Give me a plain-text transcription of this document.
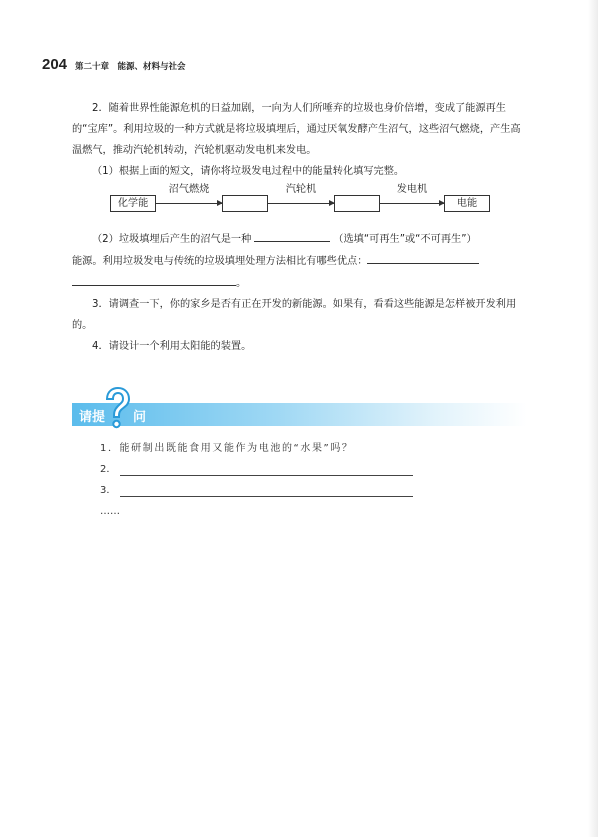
204 第二十章　能源、材料与社会

2．随着世界性能源危机的日益加剧，一向为人们所唾弃的垃圾也身价倍增，变成了能源再生的“宝库”。利用垃圾的一种方式就是将垃圾填埋后，通过厌氧发酵产生沼气，这些沼气燃烧，产生高温燃气，推动汽轮机转动，汽轮机驱动发电机来发电。

（1）根据上面的短文，请你将垃圾发电过程中的能量转化填写完整。

化学能
沼气燃烧	汽轮机	发电机
电能

（2）垃圾填埋后产生的沼气是一种	（选填“可再生”或“不可再生”）

能源。利用垃圾发电与传统的垃圾填埋处理方法相比有哪些优点：

。

3．请调查一下，你的家乡是否有正在开发的新能源。如果有，看看这些能源是怎样被开发利用的。

4．请设计一个利用太阳能的装置。

请提 问
1．能研制出既能食用又能作为电池的“水果”吗？
2．
3．
……
